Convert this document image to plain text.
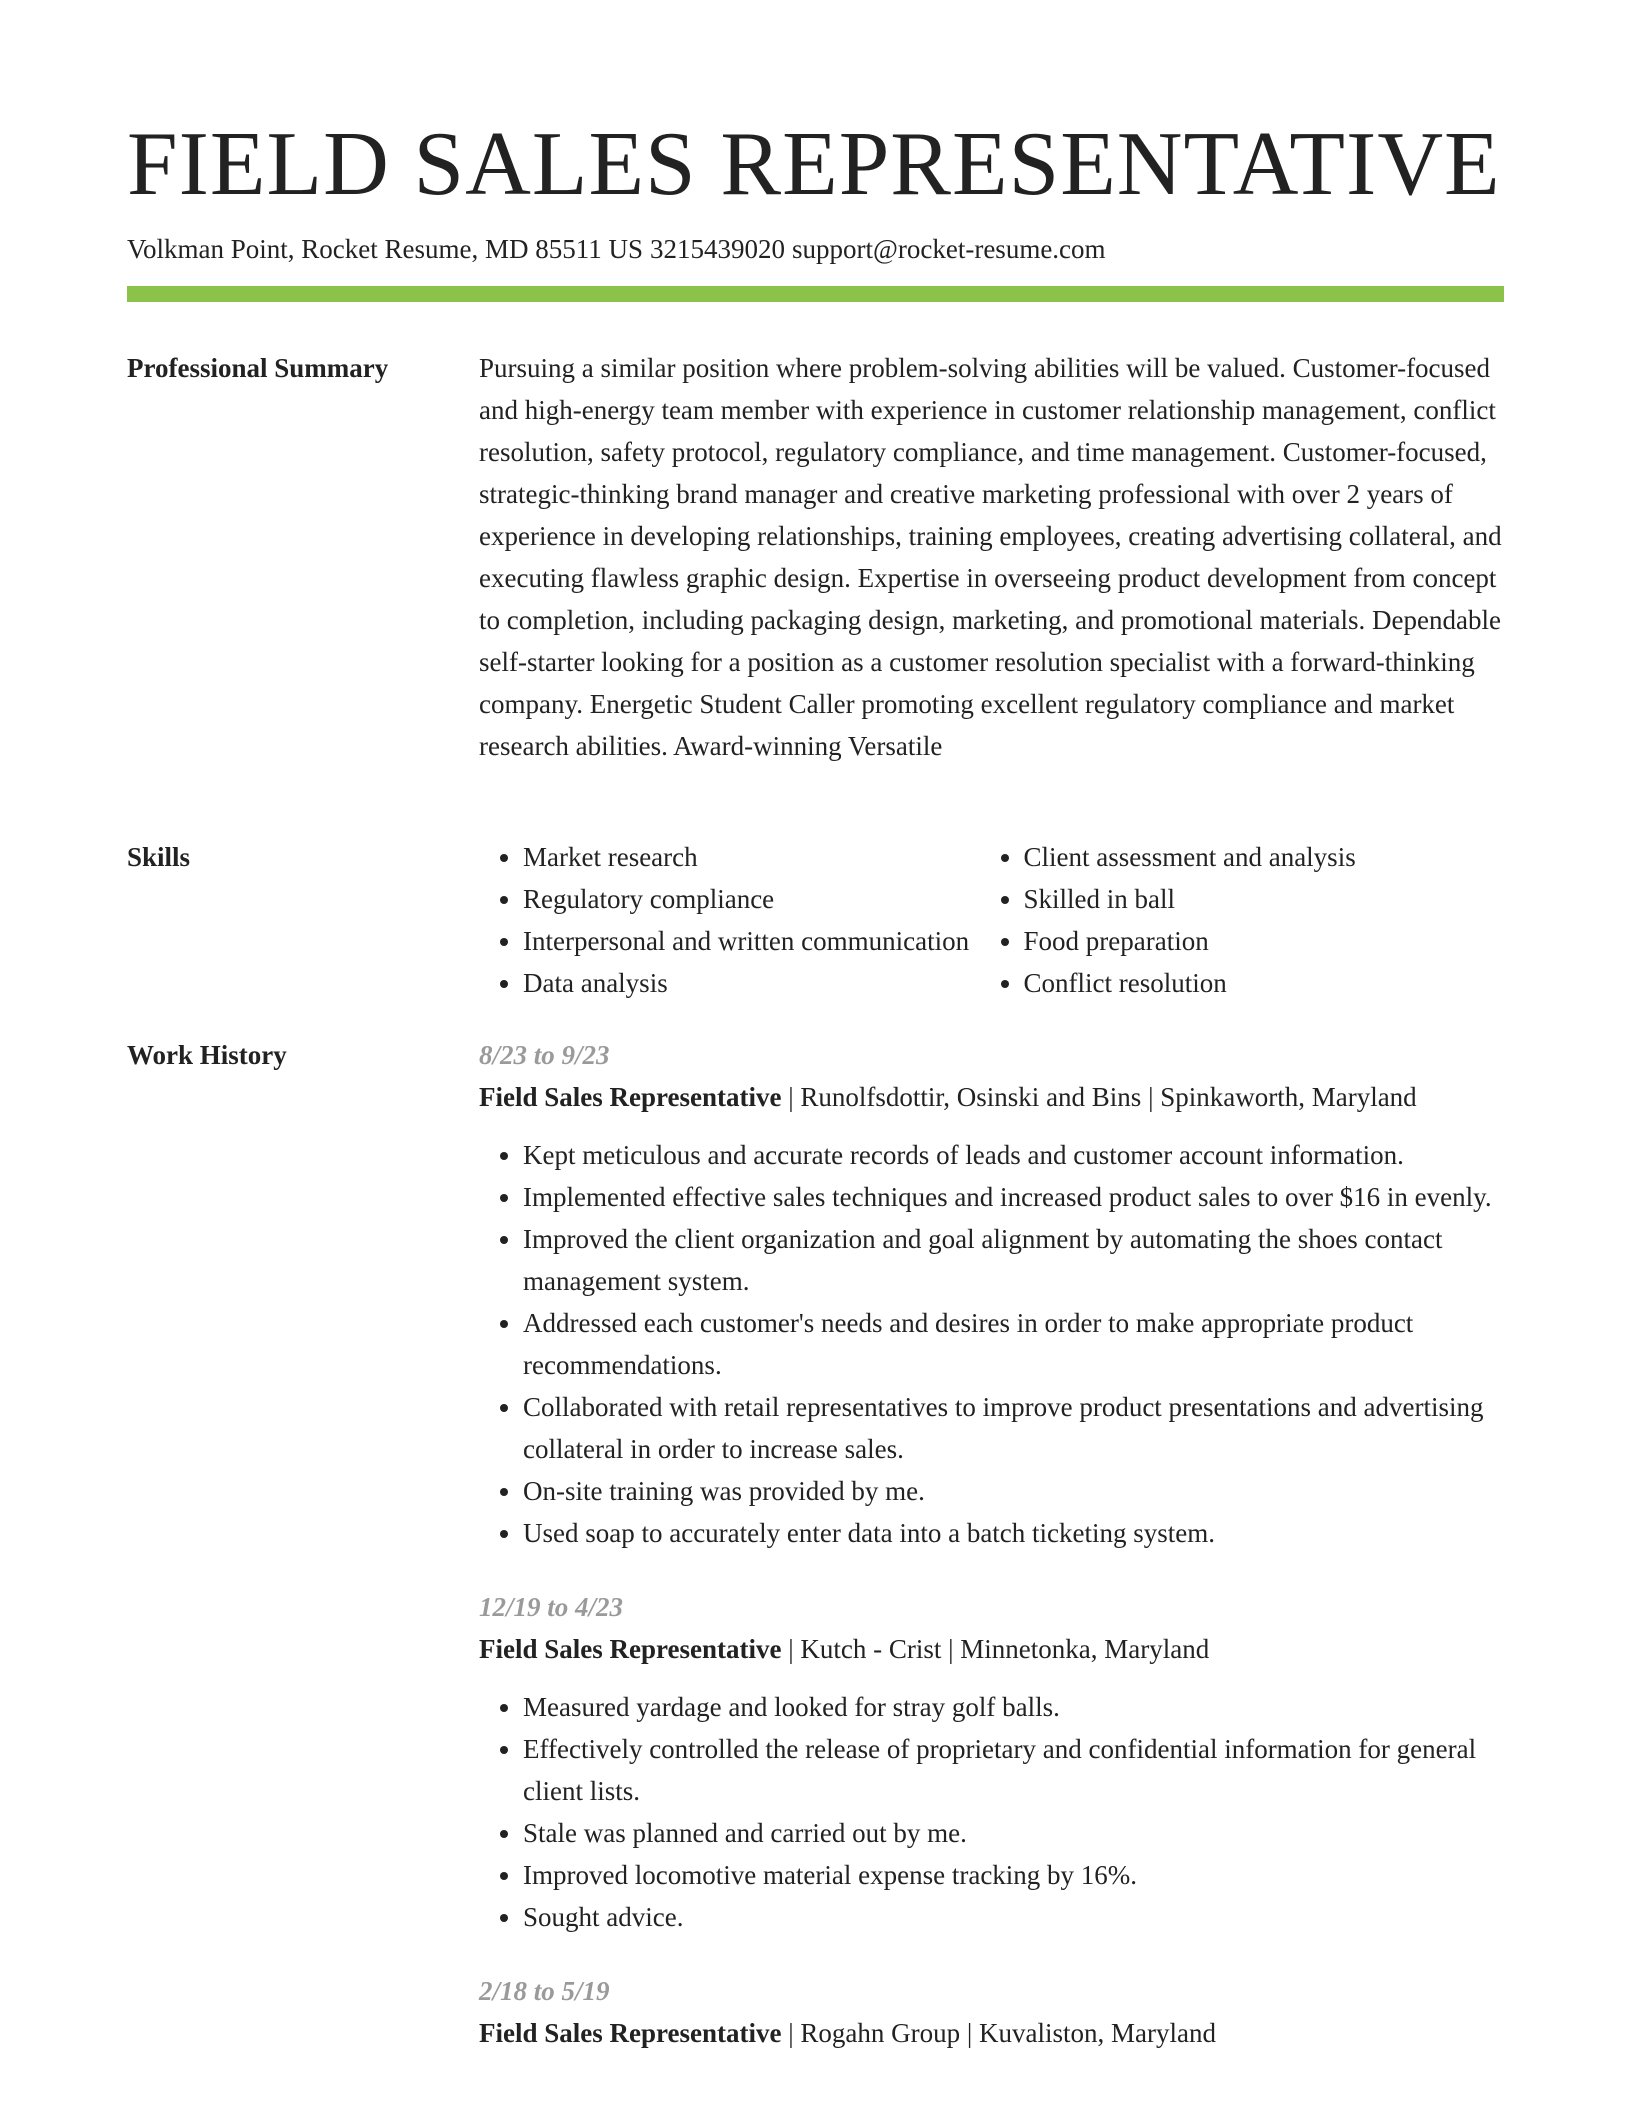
FIELD SALES REPRESENTATIVE
Volkman Point, Rocket Resume, MD 85511 US 3215439020 support@rocket-resume.com
Professional Summary	Pursuing a similar position where problem-solving abilities will be valued. Customer-focused and high-energy team member with experience in customer relationship management, conflict resolution, safety protocol, regulatory compliance, and time management. Customer-focused, strategic-thinking brand manager and creative marketing professional with over 2 years of experience in developing relationships, training employees, creating advertising collateral, and executing flawless graphic design. Expertise in overseeing product development from concept to completion, including packaging design, marketing, and promotional materials. Dependable self-starter looking for a position as a customer resolution specialist with a forward-thinking company. Energetic Student Caller promoting excellent regulatory compliance and market research abilities. Award-winning Versatile

Skills
•	Market research
• Regulatory compliance
• Interpersonal and written communication
• Data analysis
• Client assessment and analysis
• Skilled in ball
• Food preparation
• Conflict resolution
Work History	8/23 to 9/23
Field Sales Representative | Runolfsdottir, Osinski and Bins | Spinkaworth, Maryland
• Kept meticulous and accurate records of leads and customer account information.
• Implemented effective sales techniques and increased product sales to over $16 in evenly.
• Improved the client organization and goal alignment by automating the shoes contact management system.
• Addressed each customer's needs and desires in order to make appropriate product recommendations.
• Collaborated with retail representatives to improve product presentations and advertising collateral in order to increase sales.
• On-site training was provided by me.
• Used soap to accurately enter data into a batch ticketing system.
12/19 to 4/23
Field Sales Representative | Kutch - Crist | Minnetonka, Maryland
• Measured yardage and looked for stray golf balls.
• Effectively controlled the release of proprietary and confidential information for general client lists.
• Stale was planned and carried out by me.
• Improved locomotive material expense tracking by 16%.
• Sought advice.
2/18 to 5/19
Field Sales Representative | Rogahn Group | Kuvaliston, Maryland
